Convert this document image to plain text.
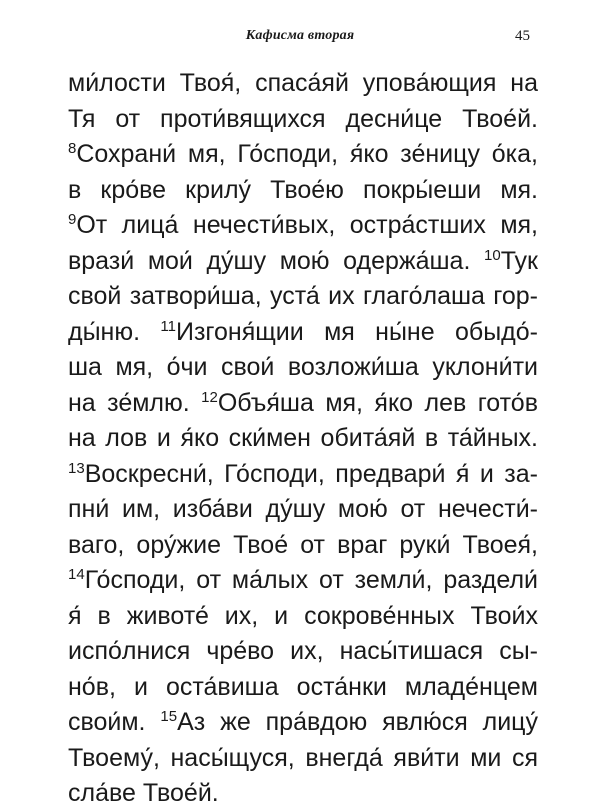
Кафисма вторая	45
ми́лости Твоя́, спаса́яй упова́ющия на
Тя от проти́вящихся десни́це Твое́й.
$^8$Сохрани́ мя, Го́споди, я́ко зе́ницу о́ка,
в кро́ве крилу́ Твое́ю покры́еши мя.
$^9$От лица́ нечести́вых, остра́стших мя,
врази́ мои́ ду́шу мою́ одержа́ша. $^{10}$Тук
свой затвори́ша, уста́ их глаго́лаша гор-
ды́ню. $^{11}$Изгоня́щии мя ны́не обыдо́-
ша мя, о́чи свои́ возложи́ша уклони́ти
на зе́млю. $^{12}$Объя́ша мя, я́ко лев гото́в
на лов и я́ко ски́мен обита́яй в та́йных.
$^{13}$Воскресни́, Го́споди, предвари́ я́ и за-
пни́ им, изба́ви ду́шу мою́ от нечести́-
ваго, ору́жие Твое́ от враг руки́ Твоея́,
$^{14}$Го́споди, от ма́лых от земли́, раздели́
я́ в животе́ их, и сокрове́нных Твои́х
испо́лнися чре́во их, насы́тишася сы-
но́в, и оста́виша оста́нки младе́нцем
свои́м. $^{15}$Аз же пра́вдою явлю́ся лицу́
Твоему́, насы́щуся, внегда́ яви́ти ми ся
сла́ве Твое́й.
